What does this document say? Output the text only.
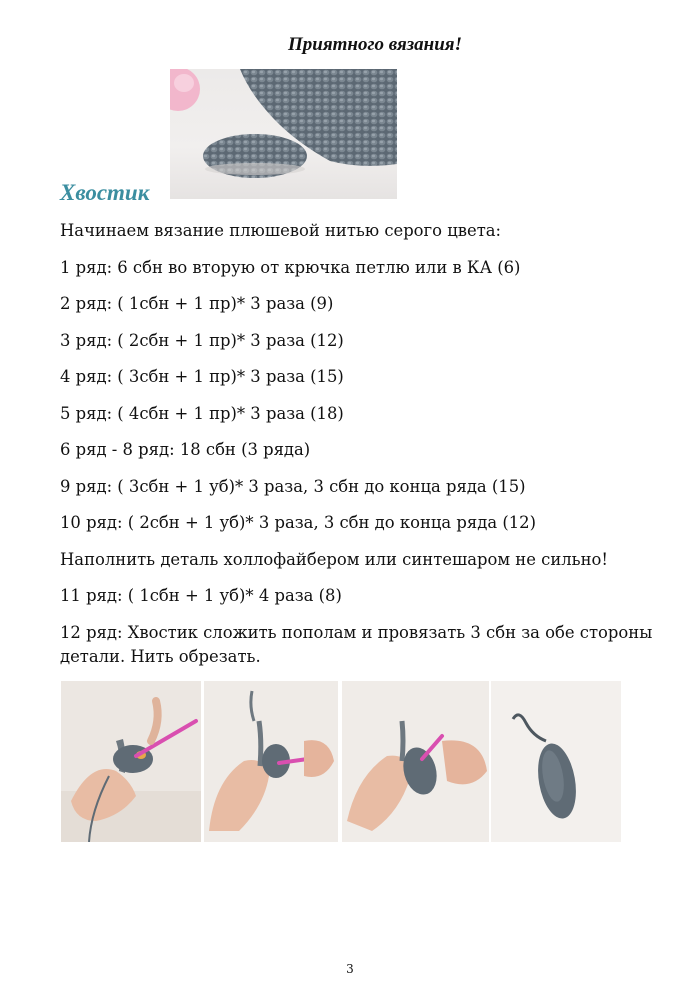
Приятного вязания!
Хвостик

Начинаем вязание плюшевой нитью серого цвета:

1 ряд: 6 сбн во вторую от крючка петлю или в КА (6)

2 ряд: ( 1сбн + 1 пр)* 3 раза (9)

3 ряд: ( 2сбн + 1 пр)* 3 раза (12)

4 ряд: ( 3сбн + 1 пр)* 3 раза (15)

5 ряд: ( 4сбн + 1 пр)* 3 раза (18)

6 ряд - 8 ряд: 18 сбн (3 ряда)

9 ряд: ( 3сбн + 1 уб)* 3 раза, 3 сбн до конца ряда (15)

10 ряд: ( 2сбн + 1 уб)* 3 раза, 3 сбн до конца ряда (12)

Наполнить деталь холлофайбером или синтешаром не сильно!

11 ряд: ( 1сбн + 1 уб)* 4 раза (8)

12 ряд: Хвостик сложить пополам и провязать 3 сбн за обе стороны детали. Нить обрезать.

3
